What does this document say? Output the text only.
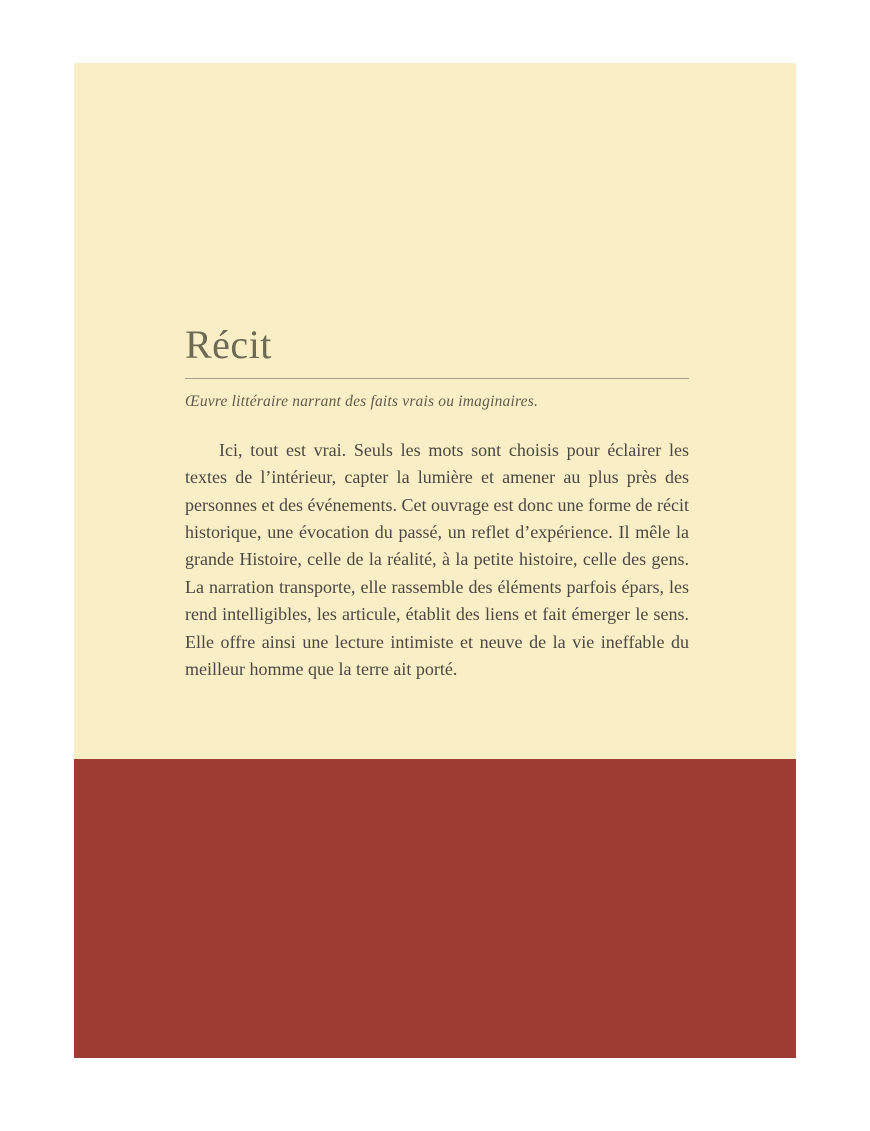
Récit

Œuvre littéraire narrant des faits vrais ou imaginaires.

Ici, tout est vrai. Seuls les mots sont choisis pour éclairer les textes de l’intérieur, capter la lumière et amener au plus près des personnes et des événements. Cet ouvrage est donc une forme de récit historique, une évocation du passé, un reflet d’expérience. Il mêle la grande Histoire, celle de la réalité, à la petite histoire, celle des gens. La narration transporte, elle rassemble des éléments parfois épars, les rend intelligibles, les articule, établit des liens et fait émerger le sens. Elle offre ainsi une lecture intimiste et neuve de la vie ineffable du meilleur homme que la terre ait porté.
